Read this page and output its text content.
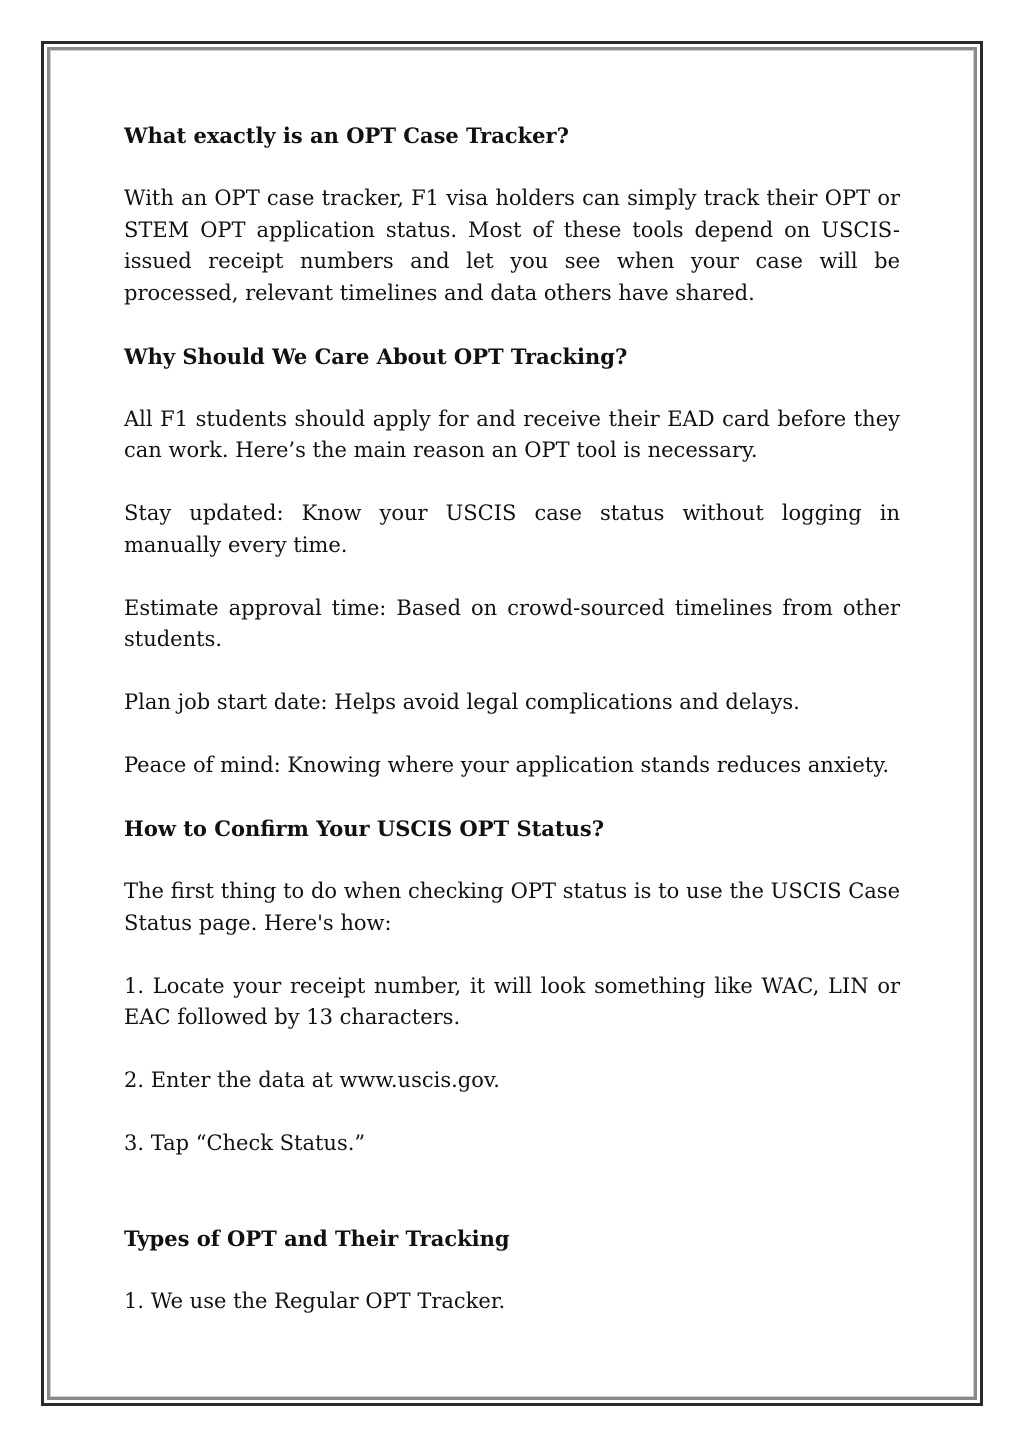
What exactly is an OPT Case Tracker?

With an OPT case tracker, F1 visa holders can simply track their OPT or STEM OPT application status. Most of these tools depend on USCIS-issued receipt numbers and let you see when your case will be processed, relevant timelines and data others have shared.

Why Should We Care About OPT Tracking?

All F1 students should apply for and receive their EAD card before they can work. Here’s the main reason an OPT tool is necessary.

Stay updated: Know your USCIS case status without logging in manually every time.

Estimate approval time: Based on crowd-sourced timelines from other students.

Plan job start date: Helps avoid legal complications and delays.

Peace of mind: Knowing where your application stands reduces anxiety.

How to Confirm Your USCIS OPT Status?

The first thing to do when checking OPT status is to use the USCIS Case Status page. Here's how:

1. Locate your receipt number, it will look something like WAC, LIN or EAC followed by 13 characters.

2. Enter the data at www.uscis.gov.

3. Tap “Check Status.”

Types of OPT and Their Tracking

1. We use the Regular OPT Tracker.
